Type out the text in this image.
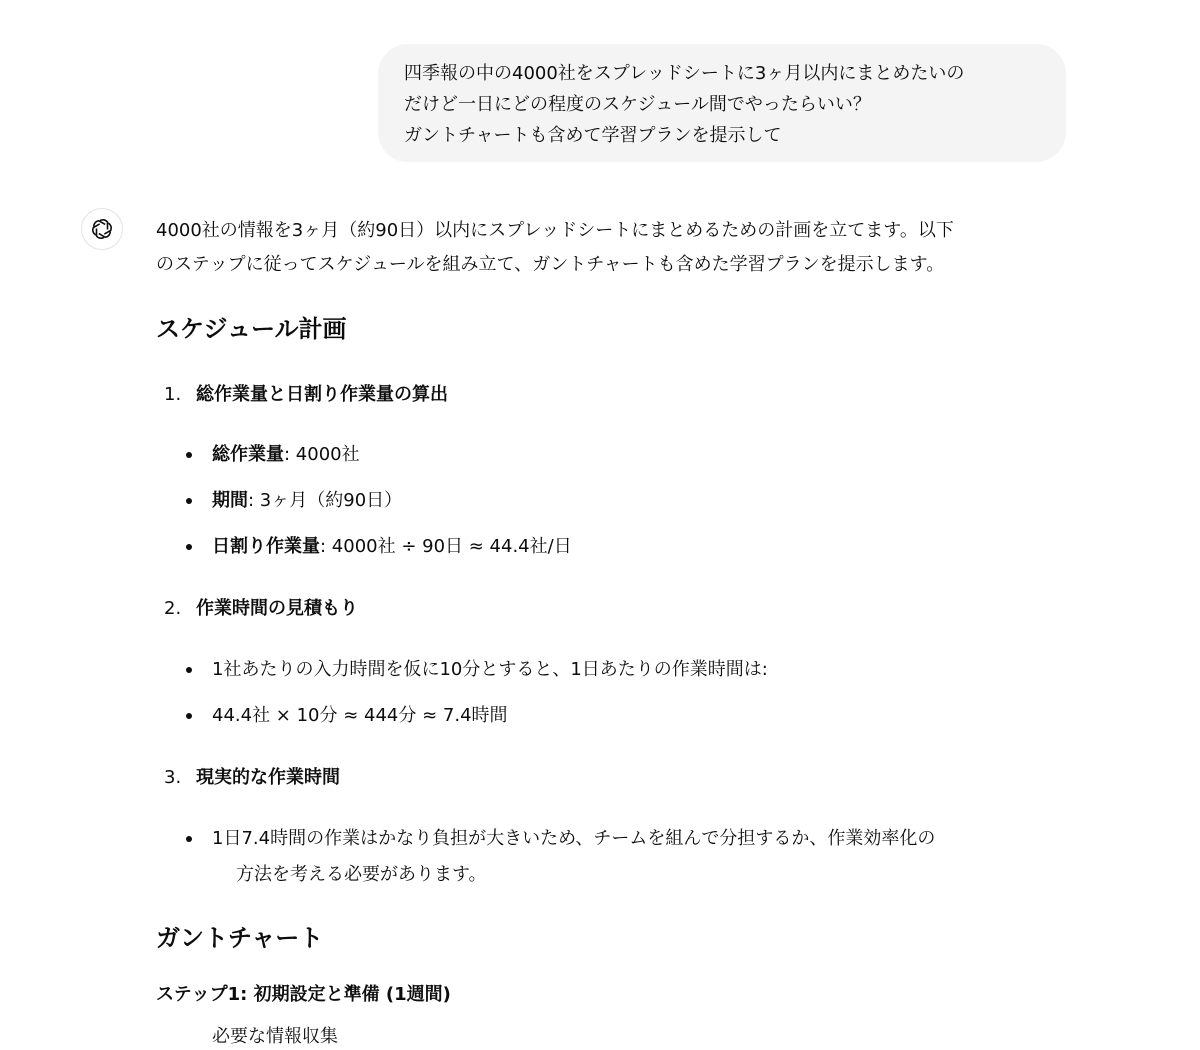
四季報の中の4000社をスプレッドシートに3ヶ月以内にまとめたいの
だけど一日にどの程度のスケジュール間でやったらいい？
ガントチャートも含めて学習プランを提示して

4000社の情報を3ヶ月（約90日）以内にスプレッドシートにまとめるための計画を立てます。以下
のステップに従ってスケジュールを組み立て、ガントチャートも含めた学習プランを提示します。

スケジュール計画
1. 総作業量と日割り作業量の算出
総作業量: 4000社
期間: 3ヶ月（約90日）
日割り作業量: 4000社 ÷ 90日 ≈ 44.4社/日
2. 作業時間の見積もり
1社あたりの入力時間を仮に10分とすると、1日あたりの作業時間は:
44.4社 × 10分 ≈ 444分 ≈ 7.4時間
3. 現実的な作業時間
1日7.4時間の作業はかなり負担が大きいため、チームを組んで分担するか、作業効率化の
方法を考える必要があります。
ガントチャート
ステップ1: 初期設定と準備 (1週間)
必要な情報収集
